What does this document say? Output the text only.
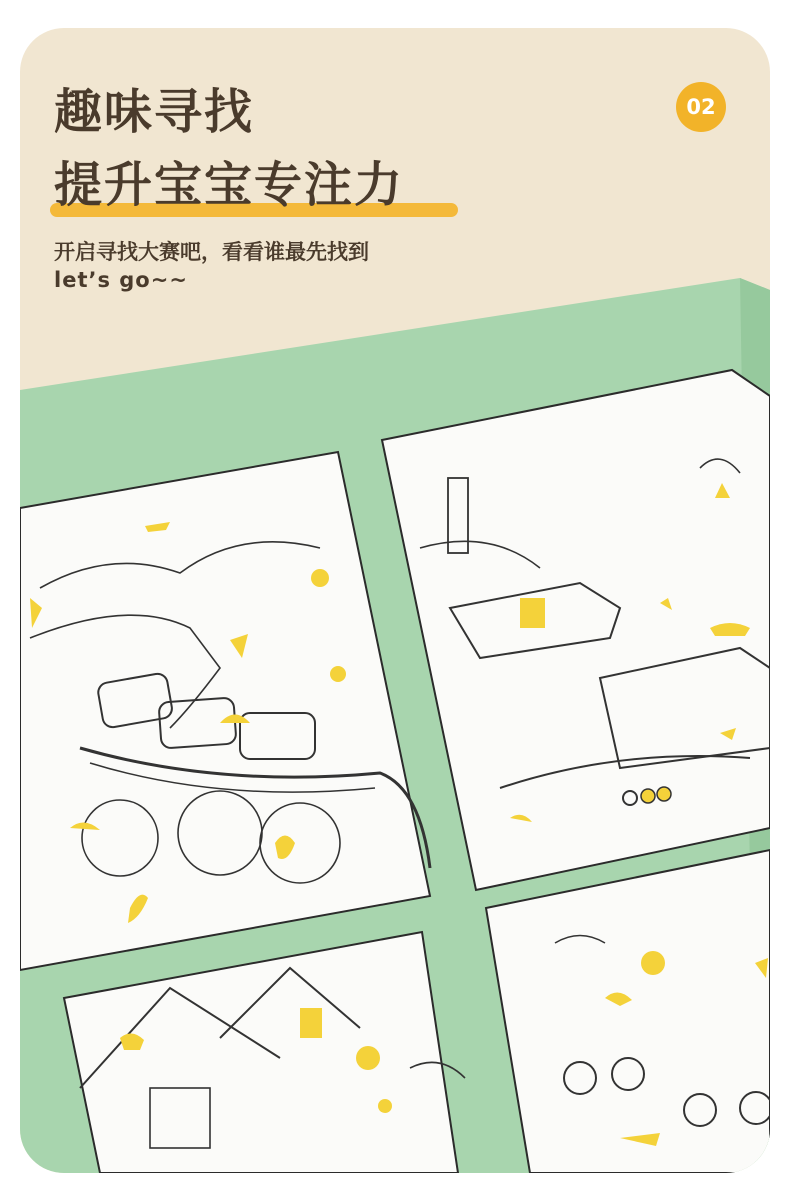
趣味寻找
提升宝宝专注力
02
开启寻找大赛吧，看看谁最先找到
let’s go~~
